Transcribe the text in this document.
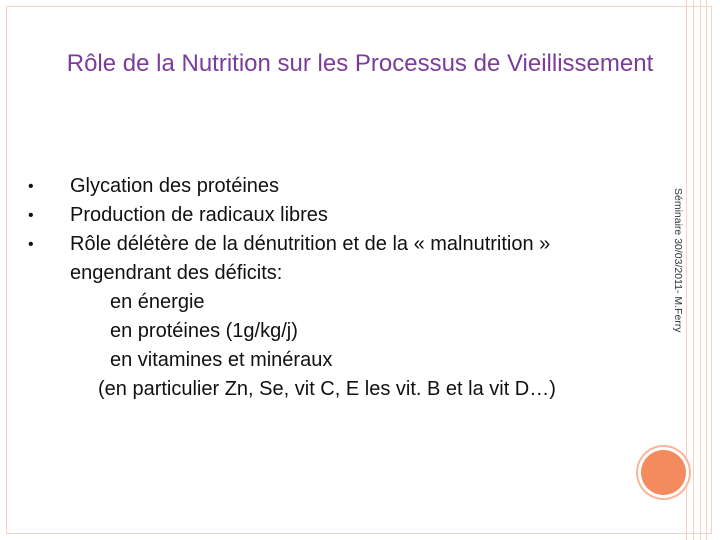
Rôle de la Nutrition sur les Processus de Vieillissement
Séminaire 30/03/2011- M.Ferry
• Glycation des protéines
• Production de radicaux libres
• Rôle délétère de la dénutrition et de la « malnutrition »
engendrant des déficits:
en énergie
en protéines (1g/kg/j)
en vitamines et minéraux
(en particulier Zn, Se, vit C, E les vit. B et la vit D…)
